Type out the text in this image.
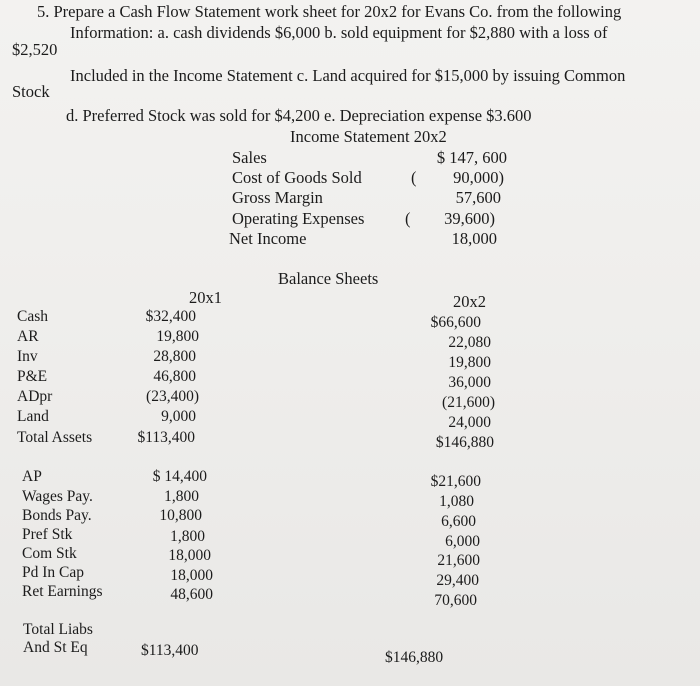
5. Prepare a Cash Flow Statement work sheet for 20x2 for Evans Co. from the following
Information: a. cash dividends $6,000 b. sold equipment for $2,880 with a loss of
$2,520
Included in the Income Statement c. Land acquired for $15,000 by issuing Common
Stock
d. Preferred Stock was sold for $4,200 e. Depreciation expense $3.600
Income Statement 20x2
Sales	$ 147, 600
Cost of Goods Sold	(	90,000)
Gross Margin	57,600
Operating Expenses (	39,600)
Net Income	18,000
Balance Sheets
20x1	20x2
Cash	$32,400	$66,600
AR	19,800	22,080
Inv	28,800	19,800
P&E	46,800	36,000
ADpr	(23,400)	(21,600)
Land	9,000	24,000
Total Assets	$113,400	$146,880
AP	$ 14,400	$21,600
Wages Pay.	1,800	1,080
Bonds Pay.	10,800	6,600
Pref Stk	1,800	6,000
Com Stk	18,000	21,600
Pd In Cap	18,000	29,400
Ret Earnings	48,600	70,600
Total Liabs
And St Eq	$113,400	$146,880
